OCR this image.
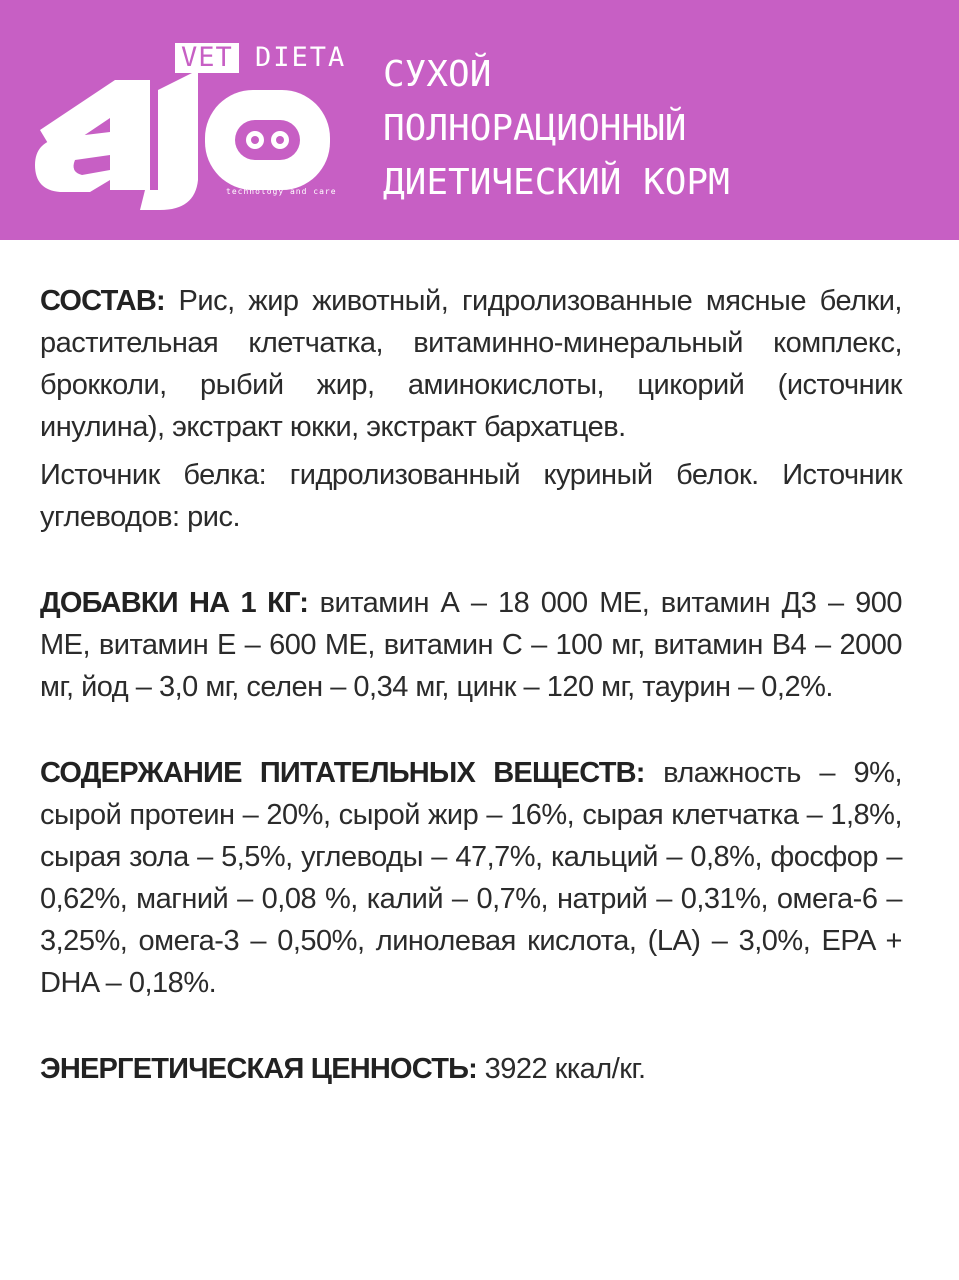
VET DIETA
technology and care
СУХОЙ
ПОЛНОРАЦИОННЫЙ
ДИЕТИЧЕСКИЙ КОРМ

СОСТАВ: Рис, жир животный, гидролизованные мясные белки, растительная клетчатка, витаминно-минеральный комплекс, брокколи, рыбий жир, аминокислоты, цикорий (источник инулина), экстракт юкки, экстракт бархатцев.

Источник белка: гидролизованный куриный белок. Источник углеводов: рис.

ДОБАВКИ НА 1 КГ: витамин А – 18 000 МЕ, витамин Д3 – 900 МЕ, витамин Е – 600 МЕ, витамин С – 100 мг, витамин В4 – 2000 мг, йод – 3,0 мг, селен – 0,34 мг, цинк – 120 мг, таурин – 0,2%.

СОДЕРЖАНИЕ ПИТАТЕЛЬНЫХ ВЕЩЕСТВ: влажность – 9%, сырой протеин – 20%, сырой жир – 16%, сырая клетчатка – 1,8%, сырая зола – 5,5%, углеводы – 47,7%, кальций – 0,8%, фосфор – 0,62%, магний – 0,08 %, калий – 0,7%, натрий – 0,31%, омега-6 – 3,25%, омега-3 – 0,50%, линолевая кислота, (LA) – 3,0%, EPA + DHA – 0,18%.

ЭНЕРГЕТИЧЕСКАЯ ЦЕННОСТЬ: 3922 ккал/кг.
